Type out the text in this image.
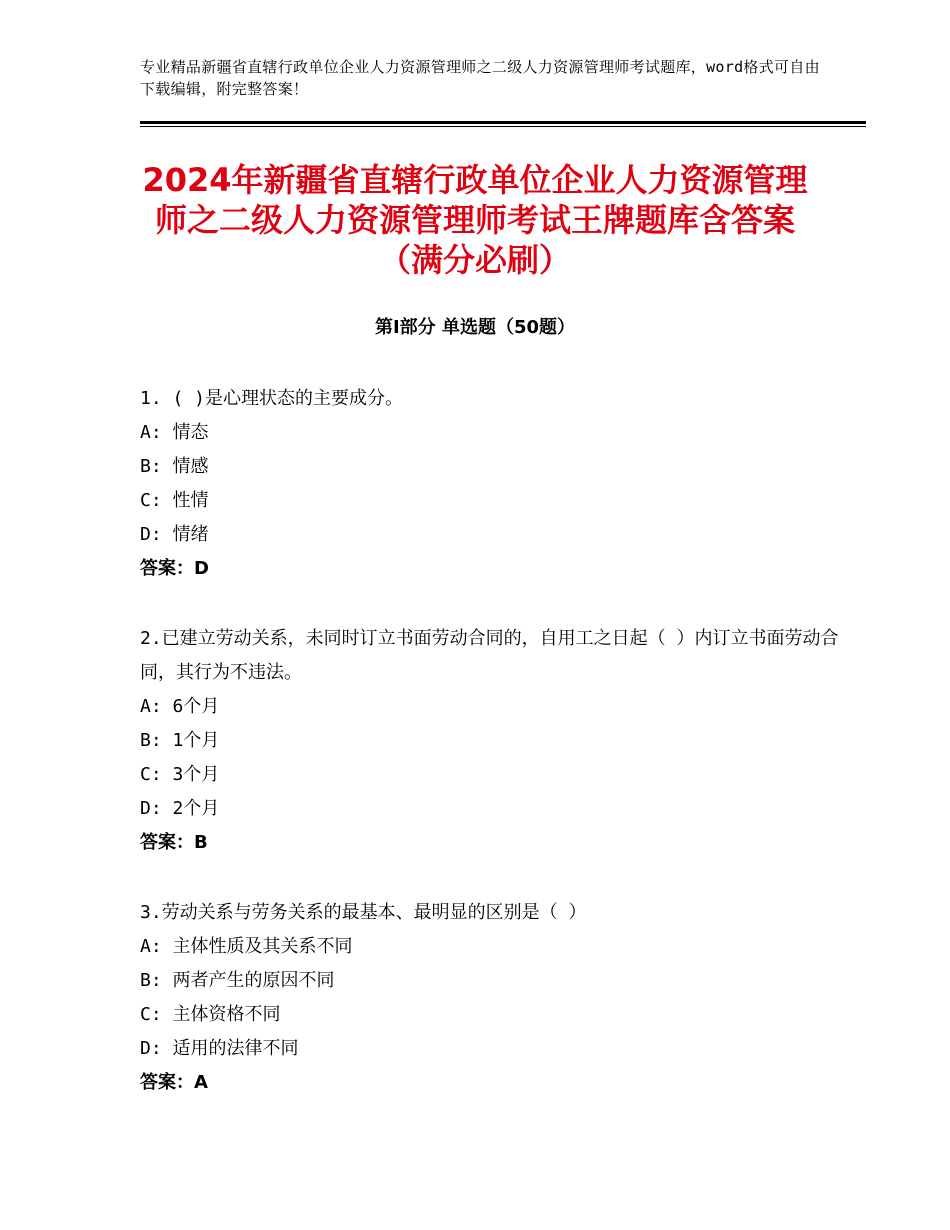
专业精品新疆省直辖行政单位企业人力资源管理师之二级人力资源管理师考试题库，word格式可自由下载编辑，附完整答案！
2024年新疆省直辖行政单位企业人力资源管理师之二级人力资源管理师考试王牌题库含答案（满分必刷）
第Ⅰ部分 单选题（50题）
1. ( )是心理状态的主要成分。
A: 情态
B: 情感
C: 性情
D: 情绪
答案：D
2.已建立劳动关系，未同时订立书面劳动合同的，自用工之日起（ ）内订立书面劳动合同，其行为不违法。
A: 6个月
B: 1个月
C: 3个月
D: 2个月
答案：B
3.劳动关系与劳务关系的最基本、最明显的区别是（ ）
A: 主体性质及其关系不同
B: 两者产生的原因不同
C: 主体资格不同
D: 适用的法律不同
答案：A
